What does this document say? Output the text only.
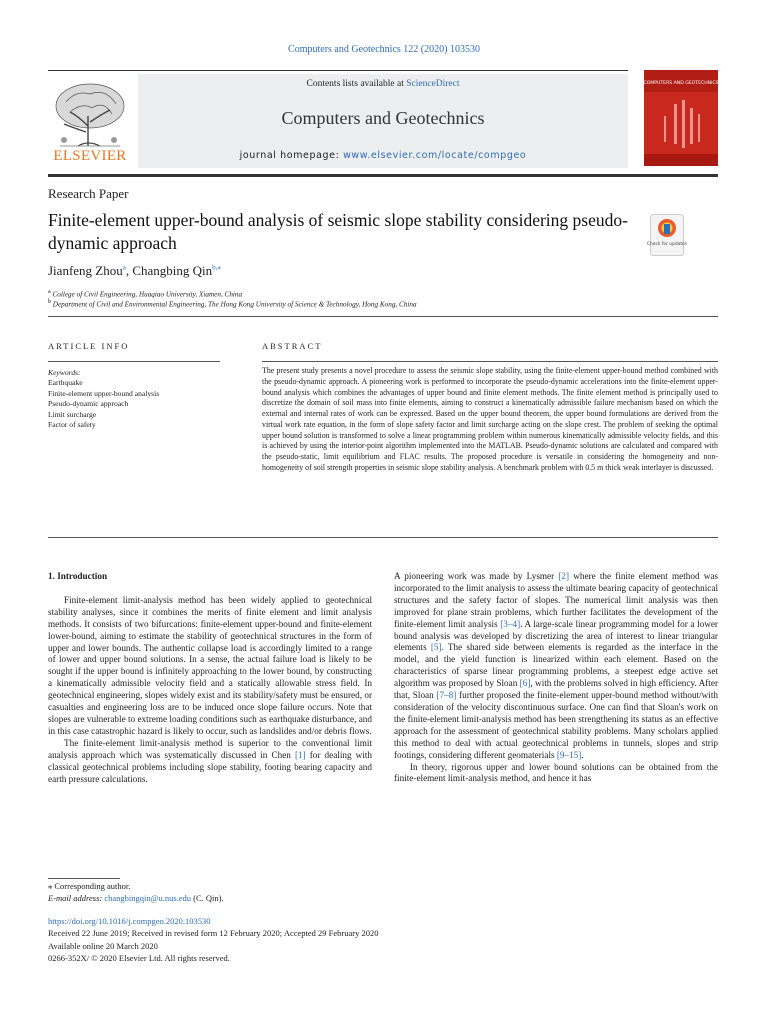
Computers and Geotechnics 122 (2020) 103530
ELSEVIER
Contents lists available at ScienceDirect
Computers and Geotechnics
journal homepage: www.elsevier.com/locate/compgeo
COMPUTERS AND GEOTECHNICS
Research Paper
Finite-element upper-bound analysis of seismic slope stability considering pseudo-dynamic approach	Check for updates
Jianfeng Zhou$^a$, Changbing Qin$^{b,⁎}$
$^a$ College of Civil Engineering, Huaqiao University, Xiamen, China
$^b$ Department of Civil and Environmental Engineering, The Hong Kong University of Science & Technology, Hong Kong, China
ARTICLE INFO	ABSTRACT
Keywords:
Earthquake
Finite-element upper-bound analysis
Pseudo-dynamic approach
Limit surcharge
Factor of safety
The present study presents a novel procedure to assess the seismic slope stability, using the finite-element upper-bound method combined with the pseudo-dynamic approach. A pioneering work is performed to incorporate the pseudo-dynamic accelerations into the finite-element upper-bound analysis which combines the advantages of upper bound and finite element methods. The finite element method is principally used to discretize the domain of soil mass into finite elements, aiming to construct a kinematically admissible failure mechanism based on which the external and internal rates of work can be expressed. Based on the upper bound theorem, the upper bound formulations are derived from the virtual work rate equation, in the form of slope safety factor and limit surcharge acting on the slope crest. The problem of seeking the optimal upper bound solution is transformed to solve a linear programming problem within numerous kinematically admissible velocity fields, and this is achieved by using the interior-point algorithm implemented into the MATLAB. Pseudo-dynamic solutions are calculated and compared with the pseudo-static, limit equilibrium and FLAC results. The proposed procedure is versatile in considering the homogeneity and non-homogeneity of soil strength properties in seismic slope stability analysis. A benchmark problem with 0.5 m thick weak interlayer is discussed.

1. Introduction

Finite-element limit-analysis method has been widely applied to geotechnical stability analyses, since it combines the merits of finite element and limit analysis methods. It consists of two bifurcations: finite-element upper-bound and finite-element lower-bound, aiming to estimate the stability of geotechnical structures in the form of upper and lower bounds. The authentic collapse load is accordingly limited to a range of lower and upper bound solutions. In a sense, the actual failure load is likely to be sought if the upper bound is infinitely approaching to the lower bound, by constructing a kinematically admissible velocity field and a statically allowable stress field. In geotechnical engineering, slopes widely exist and its stability/safety must be ensured, or casualties and engineering loss are to be induced once slope failure occurs. Note that slopes are vulnerable to extreme loading conditions such as earthquake disturbance, and in this case catastrophic hazard is likely to occur, such as landslides and/or debris flows.

The finite-element limit-analysis method is superior to the conventional limit analysis approach which was systematically discussed in Chen [1] for dealing with classical geotechnical problems including slope stability, footing bearing capacity and earth pressure calculations.

A pioneering work was made by Lysmer [2] where the finite element method was incorporated to the limit analysis to assess the ultimate bearing capacity of geotechnical structures and the safety factor of slopes. The numerical limit analysis was then improved for plane strain problems, which further facilitates the development of the finite-element limit analysis [3–4]. A large-scale linear programming model for a lower bound analysis was developed by discretizing the area of interest to linear triangular elements [5]. The shared side between elements is regarded as the interface in the model, and the yield function is linearized within each element. Based on the characteristics of sparse linear programming problems, a steepest edge active set algorithm was proposed by Sloan [6], with the problems solved in high efficiency. After that, Sloan [7–8] further proposed the finite-element upper-bound method without/with consideration of the velocity discontinuous surface. One can find that Sloan's work on the finite-element limit-analysis method has been strengthening its status as an effective approach for the assessment of geotechnical stability problems. Many scholars applied this method to deal with actual geotechnical problems in tunnels, slopes and strip footings, considering different geomaterials [9–15].

In theory, rigorous upper and lower bound solutions can be obtained from the finite-element limit-analysis method, and hence it has

⁎ Corresponding author.
E-mail address: changbingqin@u.nus.edu (C. Qin).
https://doi.org/10.1016/j.compgeo.2020.103530
Received 22 June 2019; Received in revised form 12 February 2020; Accepted 29 February 2020
Available online 20 March 2020
0266-352X/ © 2020 Elsevier Ltd. All rights reserved.
